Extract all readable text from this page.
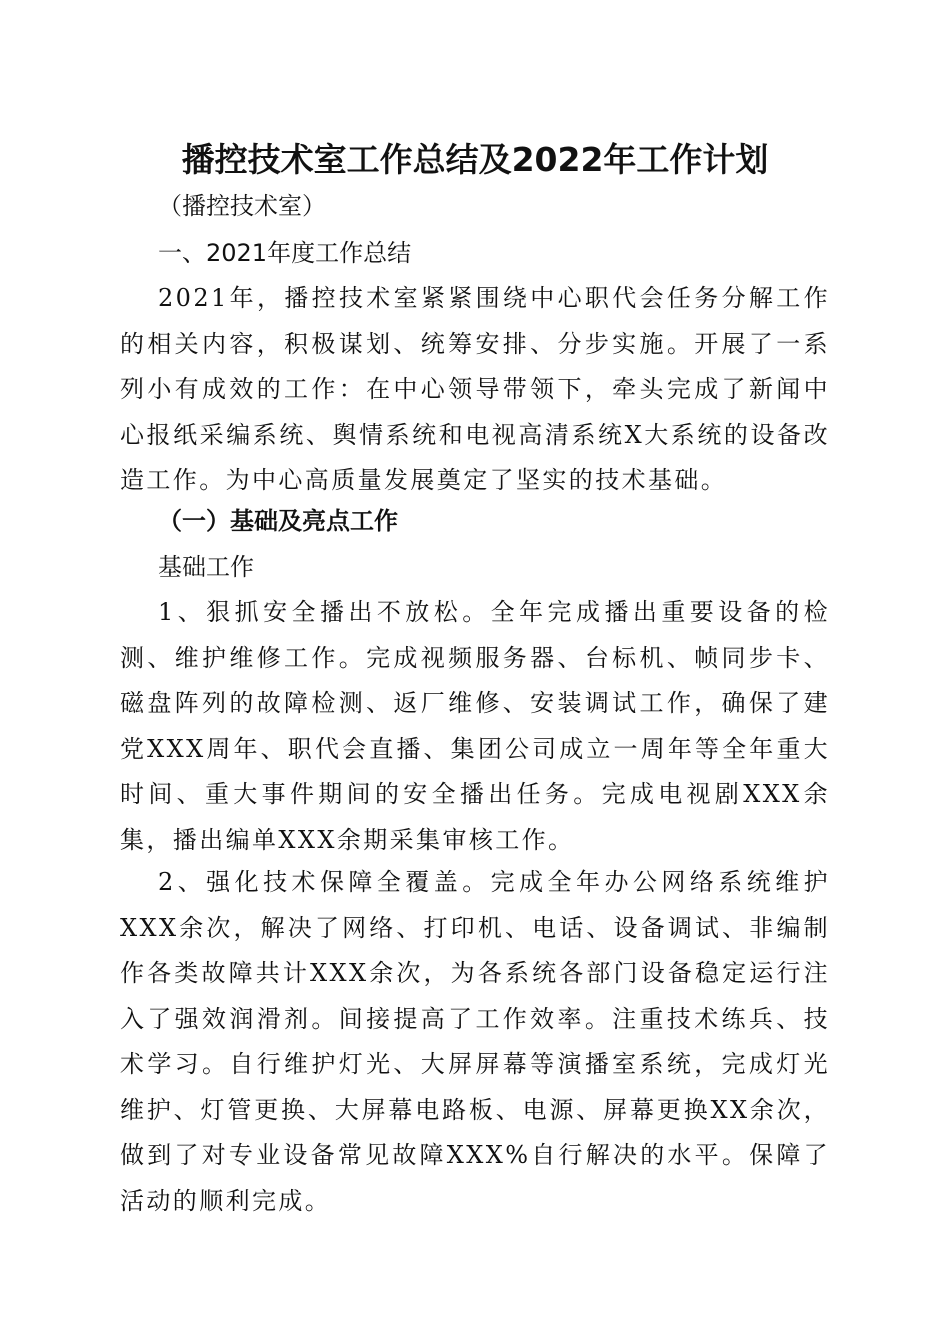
播控技术室工作总结及2022年工作计划

（播控技术室）

一、2021年度工作总结

2021年，播控技术室紧紧围绕中心职代会任务分解工作的相关内容，积极谋划、统筹安排、分步实施。开展了一系列小有成效的工作：在中心领导带领下，牵头完成了新闻中心报纸采编系统、舆情系统和电视高清系统X大系统的设备改造工作。为中心高质量发展奠定了坚实的技术基础。

（一）基础及亮点工作

基础工作

1、狠抓安全播出不放松。全年完成播出重要设备的检测、维护维修工作。完成视频服务器、台标机、帧同步卡、磁盘阵列的故障检测、返厂维修、安装调试工作，确保了建党XXX周年、职代会直播、集团公司成立一周年等全年重大时间、重大事件期间的安全播出任务。完成电视剧XXX余集，播出编单XXX余期采集审核工作。

2、强化技术保障全覆盖。完成全年办公网络系统维护XXX余次，解决了网络、打印机、电话、设备调试、非编制作各类故障共计XXX余次，为各系统各部门设备稳定运行注入了强效润滑剂。间接提高了工作效率。注重技术练兵、技术学习。自行维护灯光、大屏屏幕等演播室系统，完成灯光维护、灯管更换、大屏幕电路板、电源、屏幕更换XX余次，做到了对专业设备常见故障XXX%自行解决的水平。保障了活动的顺利完成。
